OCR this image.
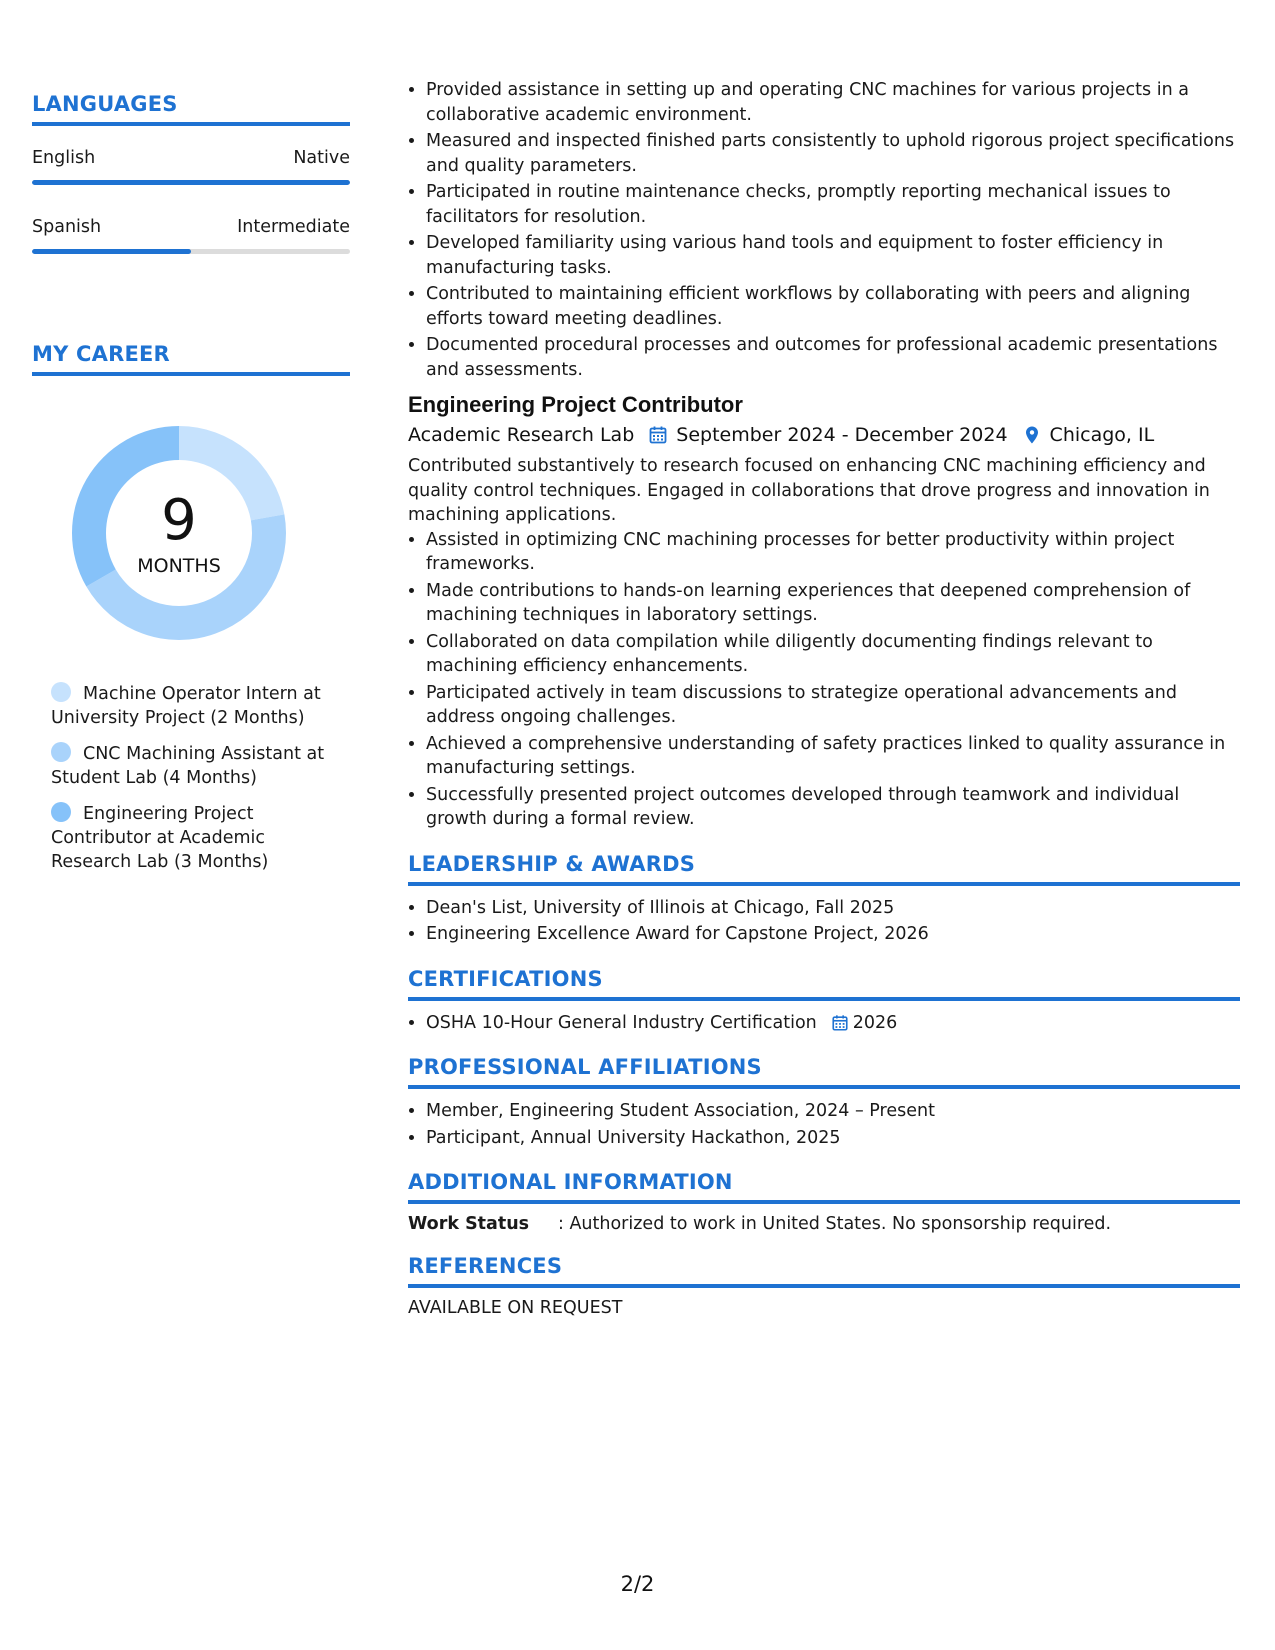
LANGUAGES
English	Native
Spanish	Intermediate
MY CAREER
9
MONTHS
Machine Operator Intern at University Project (2 Months)
CNC Machining Assistant at Student Lab (4 Months)
Engineering Project Contributor at Academic Research Lab (3 Months)
• Provided assistance in setting up and operating CNC machines for various projects in a collaborative academic environment.
• Measured and inspected finished parts consistently to uphold rigorous project specifications and quality parameters.
• Participated in routine maintenance checks, promptly reporting mechanical issues to facilitators for resolution.
• Developed familiarity using various hand tools and equipment to foster efficiency in manufacturing tasks.
• Contributed to maintaining efficient workflows by collaborating with peers and aligning efforts toward meeting deadlines.
• Documented procedural processes and outcomes for professional academic presentations and assessments.
Engineering Project Contributor
Academic Research Lab September 2024 - December 2024 Chicago, IL
Contributed substantively to research focused on enhancing CNC machining efficiency and quality control techniques. Engaged in collaborations that drove progress and innovation in machining applications.
• Assisted in optimizing CNC machining processes for better productivity within project frameworks.
• Made contributions to hands-on learning experiences that deepened comprehension of machining techniques in laboratory settings.
• Collaborated on data compilation while diligently documenting findings relevant to machining efficiency enhancements.
• Participated actively in team discussions to strategize operational advancements and address ongoing challenges.
• Achieved a comprehensive understanding of safety practices linked to quality assurance in manufacturing settings.
• Successfully presented project outcomes developed through teamwork and individual growth during a formal review.
LEADERSHIP & AWARDS
• Dean's List, University of Illinois at Chicago, Fall 2025
• Engineering Excellence Award for Capstone Project, 2026
CERTIFICATIONS
• OSHA 10-Hour General Industry Certification 2026
PROFESSIONAL AFFILIATIONS
• Member, Engineering Student Association, 2024 – Present
• Participant, Annual University Hackathon, 2025
ADDITIONAL INFORMATION
Work Status	: Authorized to work in United States. No sponsorship required.
REFERENCES
AVAILABLE ON REQUEST
2/2
